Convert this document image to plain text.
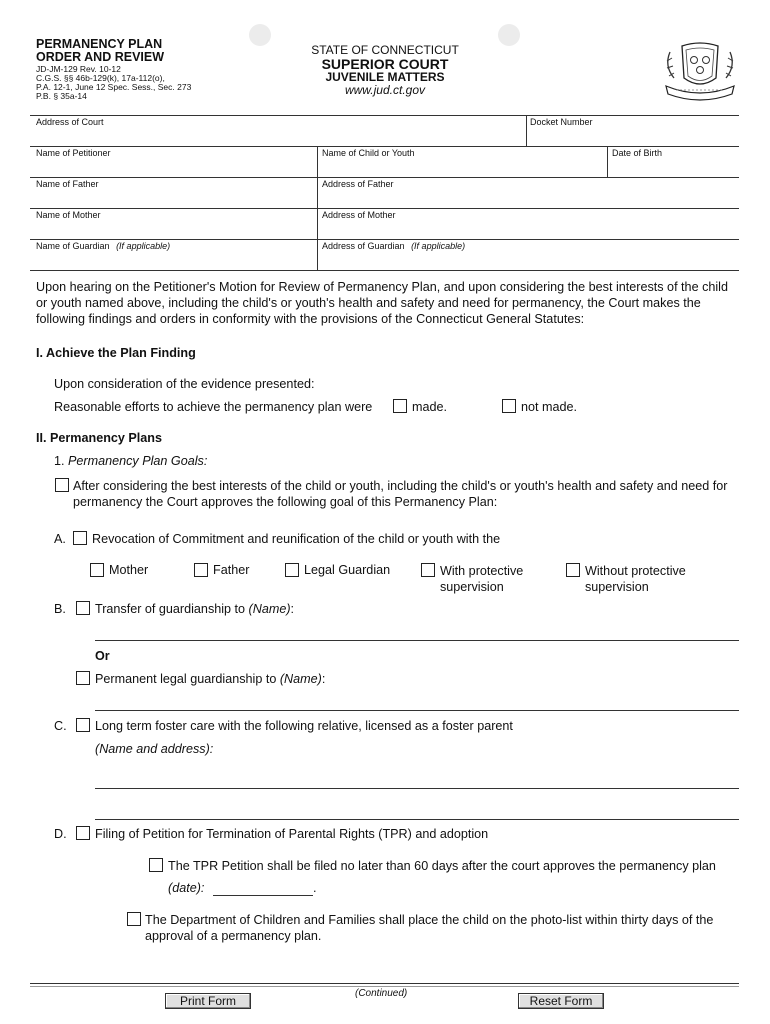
PERMANENCY PLAN
ORDER AND REVIEW
JD-JM-129 Rev. 10-12
C.G.S. §§ 46b-129(k), 17a-112(o),
P.A. 12-1, June 12 Spec. Sess., Sec. 273
P.B. § 35a-14
STATE OF CONNECTICUT
SUPERIOR COURT
JUVENILE MATTERS
www.jud.ct.gov
Address of Court	Docket Number
Name of Petitioner	Name of Child or Youth	Date of Birth
Name of Father	Address of Father
Name of Mother	Address of Mother
Name of Guardian (If applicable)	Address of Guardian (If applicable)
Upon hearing on the Petitioner's Motion for Review of Permanency Plan, and upon considering the best interests of the child
or youth named above, including the child's or youth's health and safety and need for permanency, the Court makes the
following findings and orders in conformity with the provisions of the Connecticut General Statutes:
I. Achieve the Plan Finding
Upon consideration of the evidence presented:
Reasonable efforts to achieve the permanency plan were	made.	not made.
II. Permanency Plans
1. Permanency Plan Goals:
After considering the best interests of the child or youth, including the child's or youth's health and safety and need for
permanency the Court approves the following goal of this Permanency Plan:
A. Revocation of Commitment and reunification of the child or youth with the
Mother	Father	Legal Guardian	With protective
supervision
Without protective
supervision
B. Transfer of guardianship to (Name):
Or
Permanent legal guardianship to (Name):
C. Long term foster care with the following relative, licensed as a foster parent
(Name and address):
D. Filing of Petition for Termination of Parental Rights (TPR) and adoption
The TPR Petition shall be filed no later than 60 days after the court approves the permanency plan
(date):	.
The Department of Children and Families shall place the child on the photo-list within thirty days of the
approval of a permanency plan.
(Continued)
Print Form	Reset Form
